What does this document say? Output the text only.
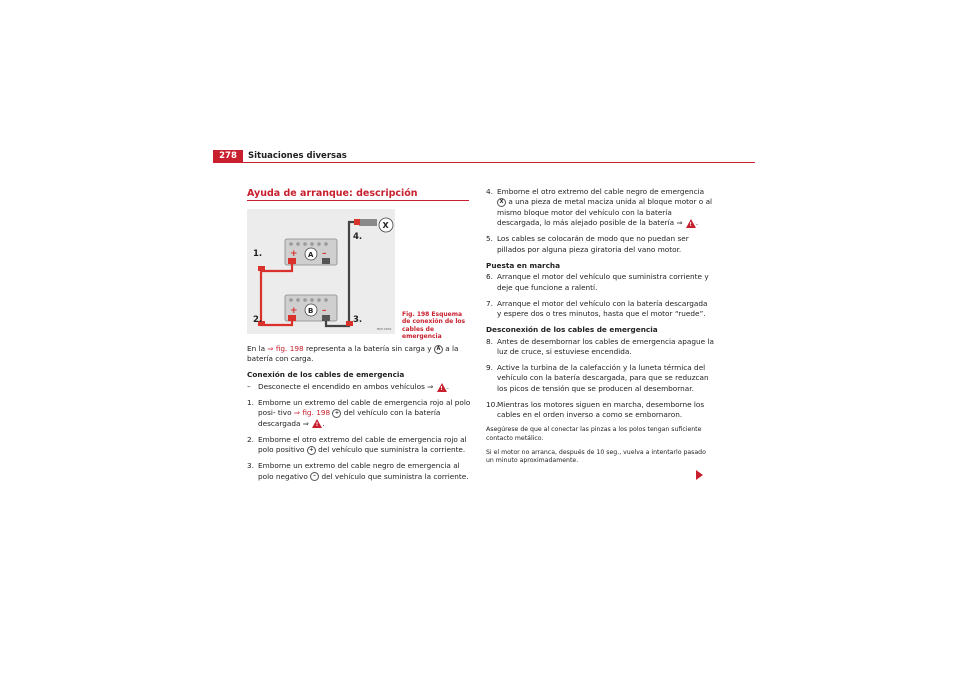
278	Situaciones diversas
Ayuda de arranque: descripción
+	–
A
+	–
B
X
1.
2.	3.
4.
B5P-0839
Fig. 198 Esquema de conexión de los cables de emergencia
En la ⇒ fig. 198 representa a la batería sin carga y A a la batería con carga.
Conexión de los cables de emergencia
– Desconecte el encendido en ambos vehículos ⇒ !.
1. Emborne un extremo del cable de emergencia rojo al polo posi- tivo ⇒ fig. 198 + del vehículo con la batería descargada ⇒ !.
2. Emborne el otro extremo del cable de emergencia rojo al polo positivo + del vehículo que suministra la corriente.
3. Emborne un extremo del cable negro de emergencia al polo negativo – del vehículo que suministra la corriente.
4. Emborne el otro extremo del cable negro de emergencia X a una pieza de metal maciza unida al bloque motor o al mismo bloque motor del vehículo con la batería descargada, lo más alejado posible de la batería ⇒ !.
5. Los cables se colocarán de modo que no puedan ser pillados por alguna pieza giratoria del vano motor.
Puesta en marcha
6. Arranque el motor del vehículo que suministra corriente y deje que funcione a ralentí.
7. Arranque el motor del vehículo con la batería descargada y espere dos o tres minutos, hasta que el motor “ruede”.
Desconexión de los cables de emergencia
8. Antes de desembornar los cables de emergencia apague la luz de cruce, si estuviese encendida.
9. Active la turbina de la calefacción y la luneta térmica del vehículo con la batería descargada, para que se reduzcan los picos de tensión que se producen al desembornar.
10. Mientras los motores siguen en marcha, desemborne los cables en el orden inverso a como se embornaron.
Asegúrese de que al conectar las pinzas a los polos tengan suficiente contacto metálico.
Si el motor no arranca, después de 10 seg., vuelva a intentarlo pasado un minuto aproximadamente.
